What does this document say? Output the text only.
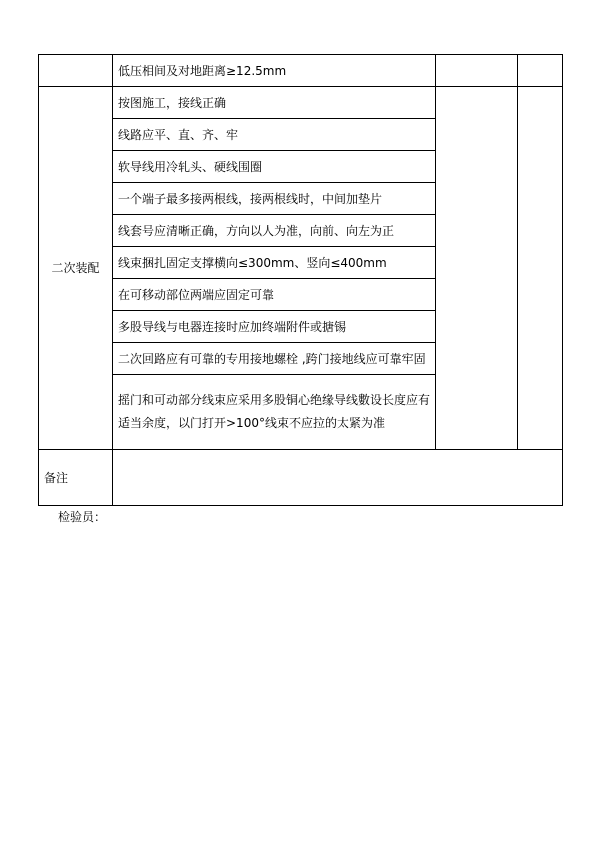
	低压相间及对地距离≥12.5mm		
二次装配	按图施工，接线正确		
	线路应平、直、齐、牢		
	软导线用冷轧头、硬线围圈		
	一个端子最多接两根线，接两根线时，中间加垫片		
	线套号应清晰正确，方向以人为准，向前、向左为正		
	线束捆扎固定支撑横向≤300mm、竖向≤400mm		
	在可移动部位两端应固定可靠		
	多股导线与电器连接时应加终端附件或搪锡		
	二次回路应有可靠的专用接地螺栓 ,跨门接地线应可靠牢固		
	摇门和可动部分线束应采用多股铜心绝缘导线數设长度应有适当余度，以门打开>100°线束不应拉的太紧为准		
备注			
检验员：
